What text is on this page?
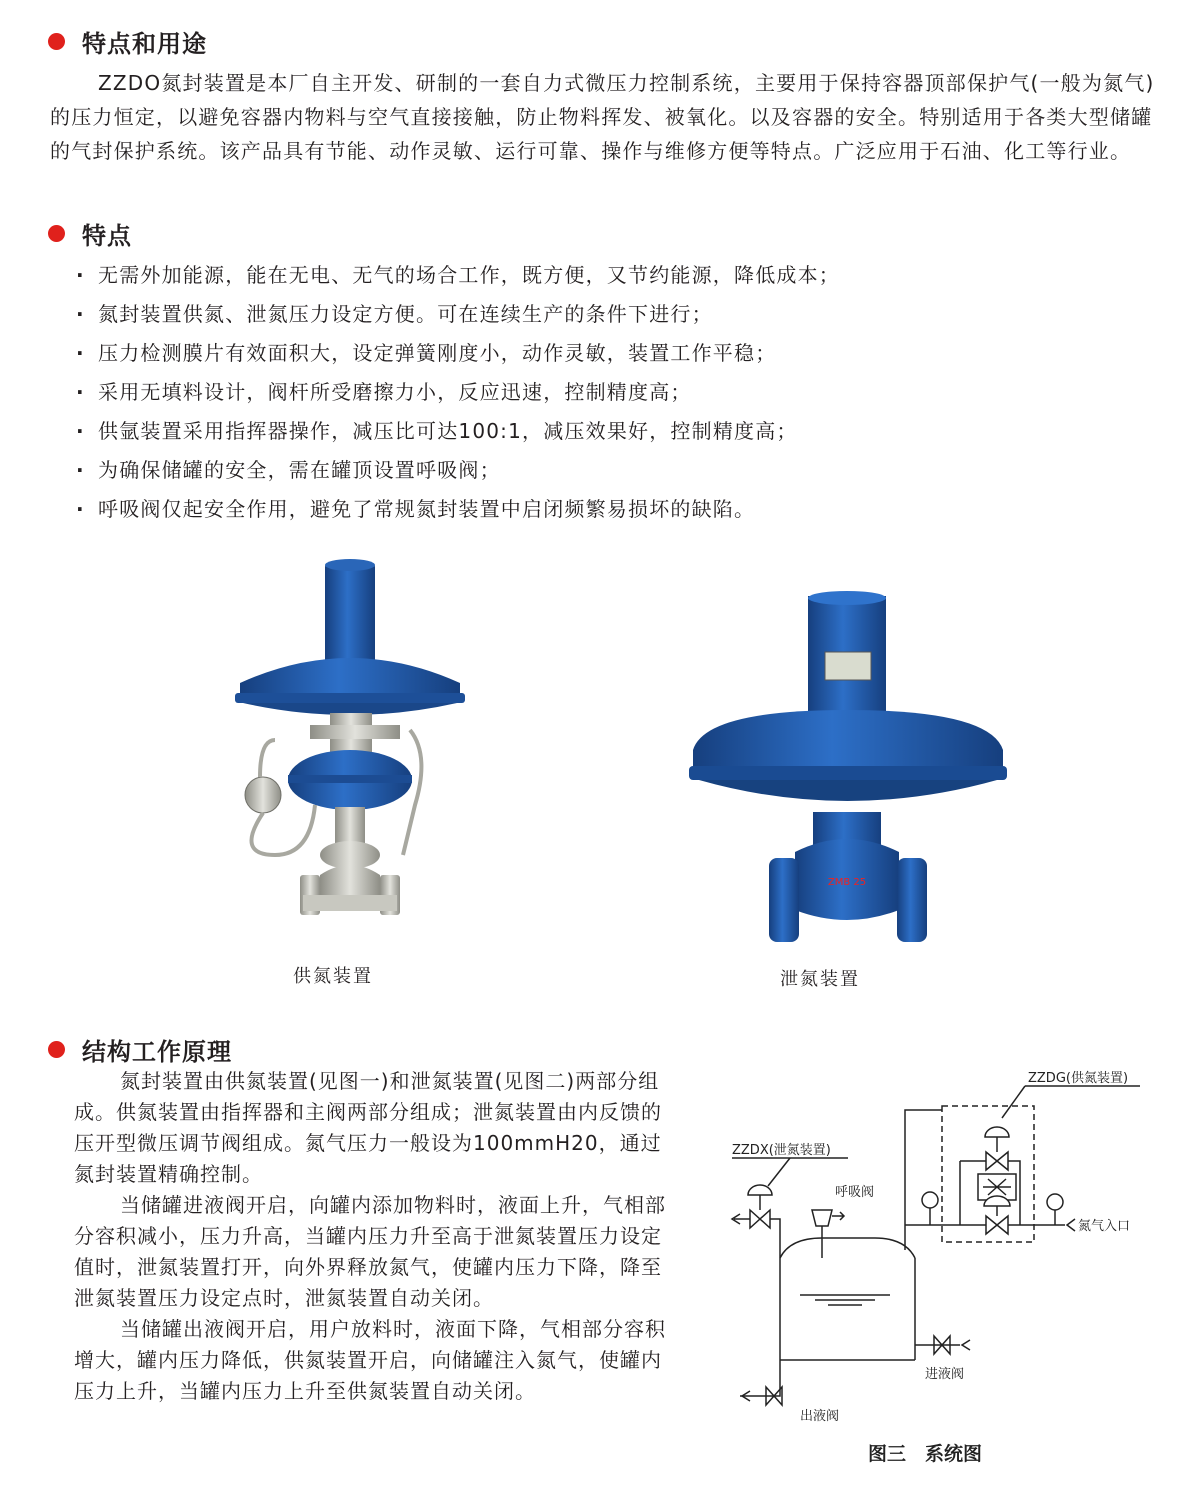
特点和用途

ZZDO氮封装置是本厂自主开发、研制的一套自力式微压力控制系统，主要用于保持容器顶部保护气(一般为氮气)的压力恒定，以避免容器内物料与空气直接接触，防止物料挥发、被氧化。以及容器的安全。特别适用于各类大型储罐的气封保护系统。该产品具有节能、动作灵敏、运行可靠、操作与维修方便等特点。广泛应用于石油、化工等行业。

特点
· 无需外加能源，能在无电、无气的场合工作，既方便，又节约能源，降低成本；
· 氮封装置供氮、泄氮压力设定方便。可在连续生产的条件下进行；
· 压力检测膜片有效面积大，设定弹簧刚度小，动作灵敏，装置工作平稳；
· 采用无填料设计，阀杆所受磨擦力小，反应迅速，控制精度高；
· 供氩装置采用指挥器操作，减压比可达100:1，减压效果好，控制精度高；
· 为确保储罐的安全，需在罐顶设置呼吸阀；
· 呼吸阀仅起安全作用，避免了常规氮封装置中启闭频繁易损坏的缺陷。
供氮装置
ZMB 25
泄氮装置
结构工作原理

氮封装置由供氮装置(见图一)和泄氮装置(见图二)两部分组成。供氮装置由指挥器和主阀两部分组成；泄氮装置由内反馈的压开型微压调节阀组成。氮气压力一般设为100mmH20，通过氮封装置精确控制。

当储罐进液阀开启，向罐内添加物料时，液面上升，气相部分容积减小，压力升高，当罐内压力升至高于泄氮装置压力设定值时，泄氮装置打开，向外界释放氮气，使罐内压力下降，降至泄氮装置压力设定点时，泄氮装置自动关闭。

当储罐出液阀开启，用户放料时，液面下降，气相部分容积增大，罐内压力降低，供氮装置开启，向储罐注入氮气，使罐内压力上升，当罐内压力上升至供氮装置自动关闭。

ZZDG(供氮装置)
氮气入口
ZZDX(泄氮装置)
呼吸阀
进液阀
出液阀
图三　系统图
